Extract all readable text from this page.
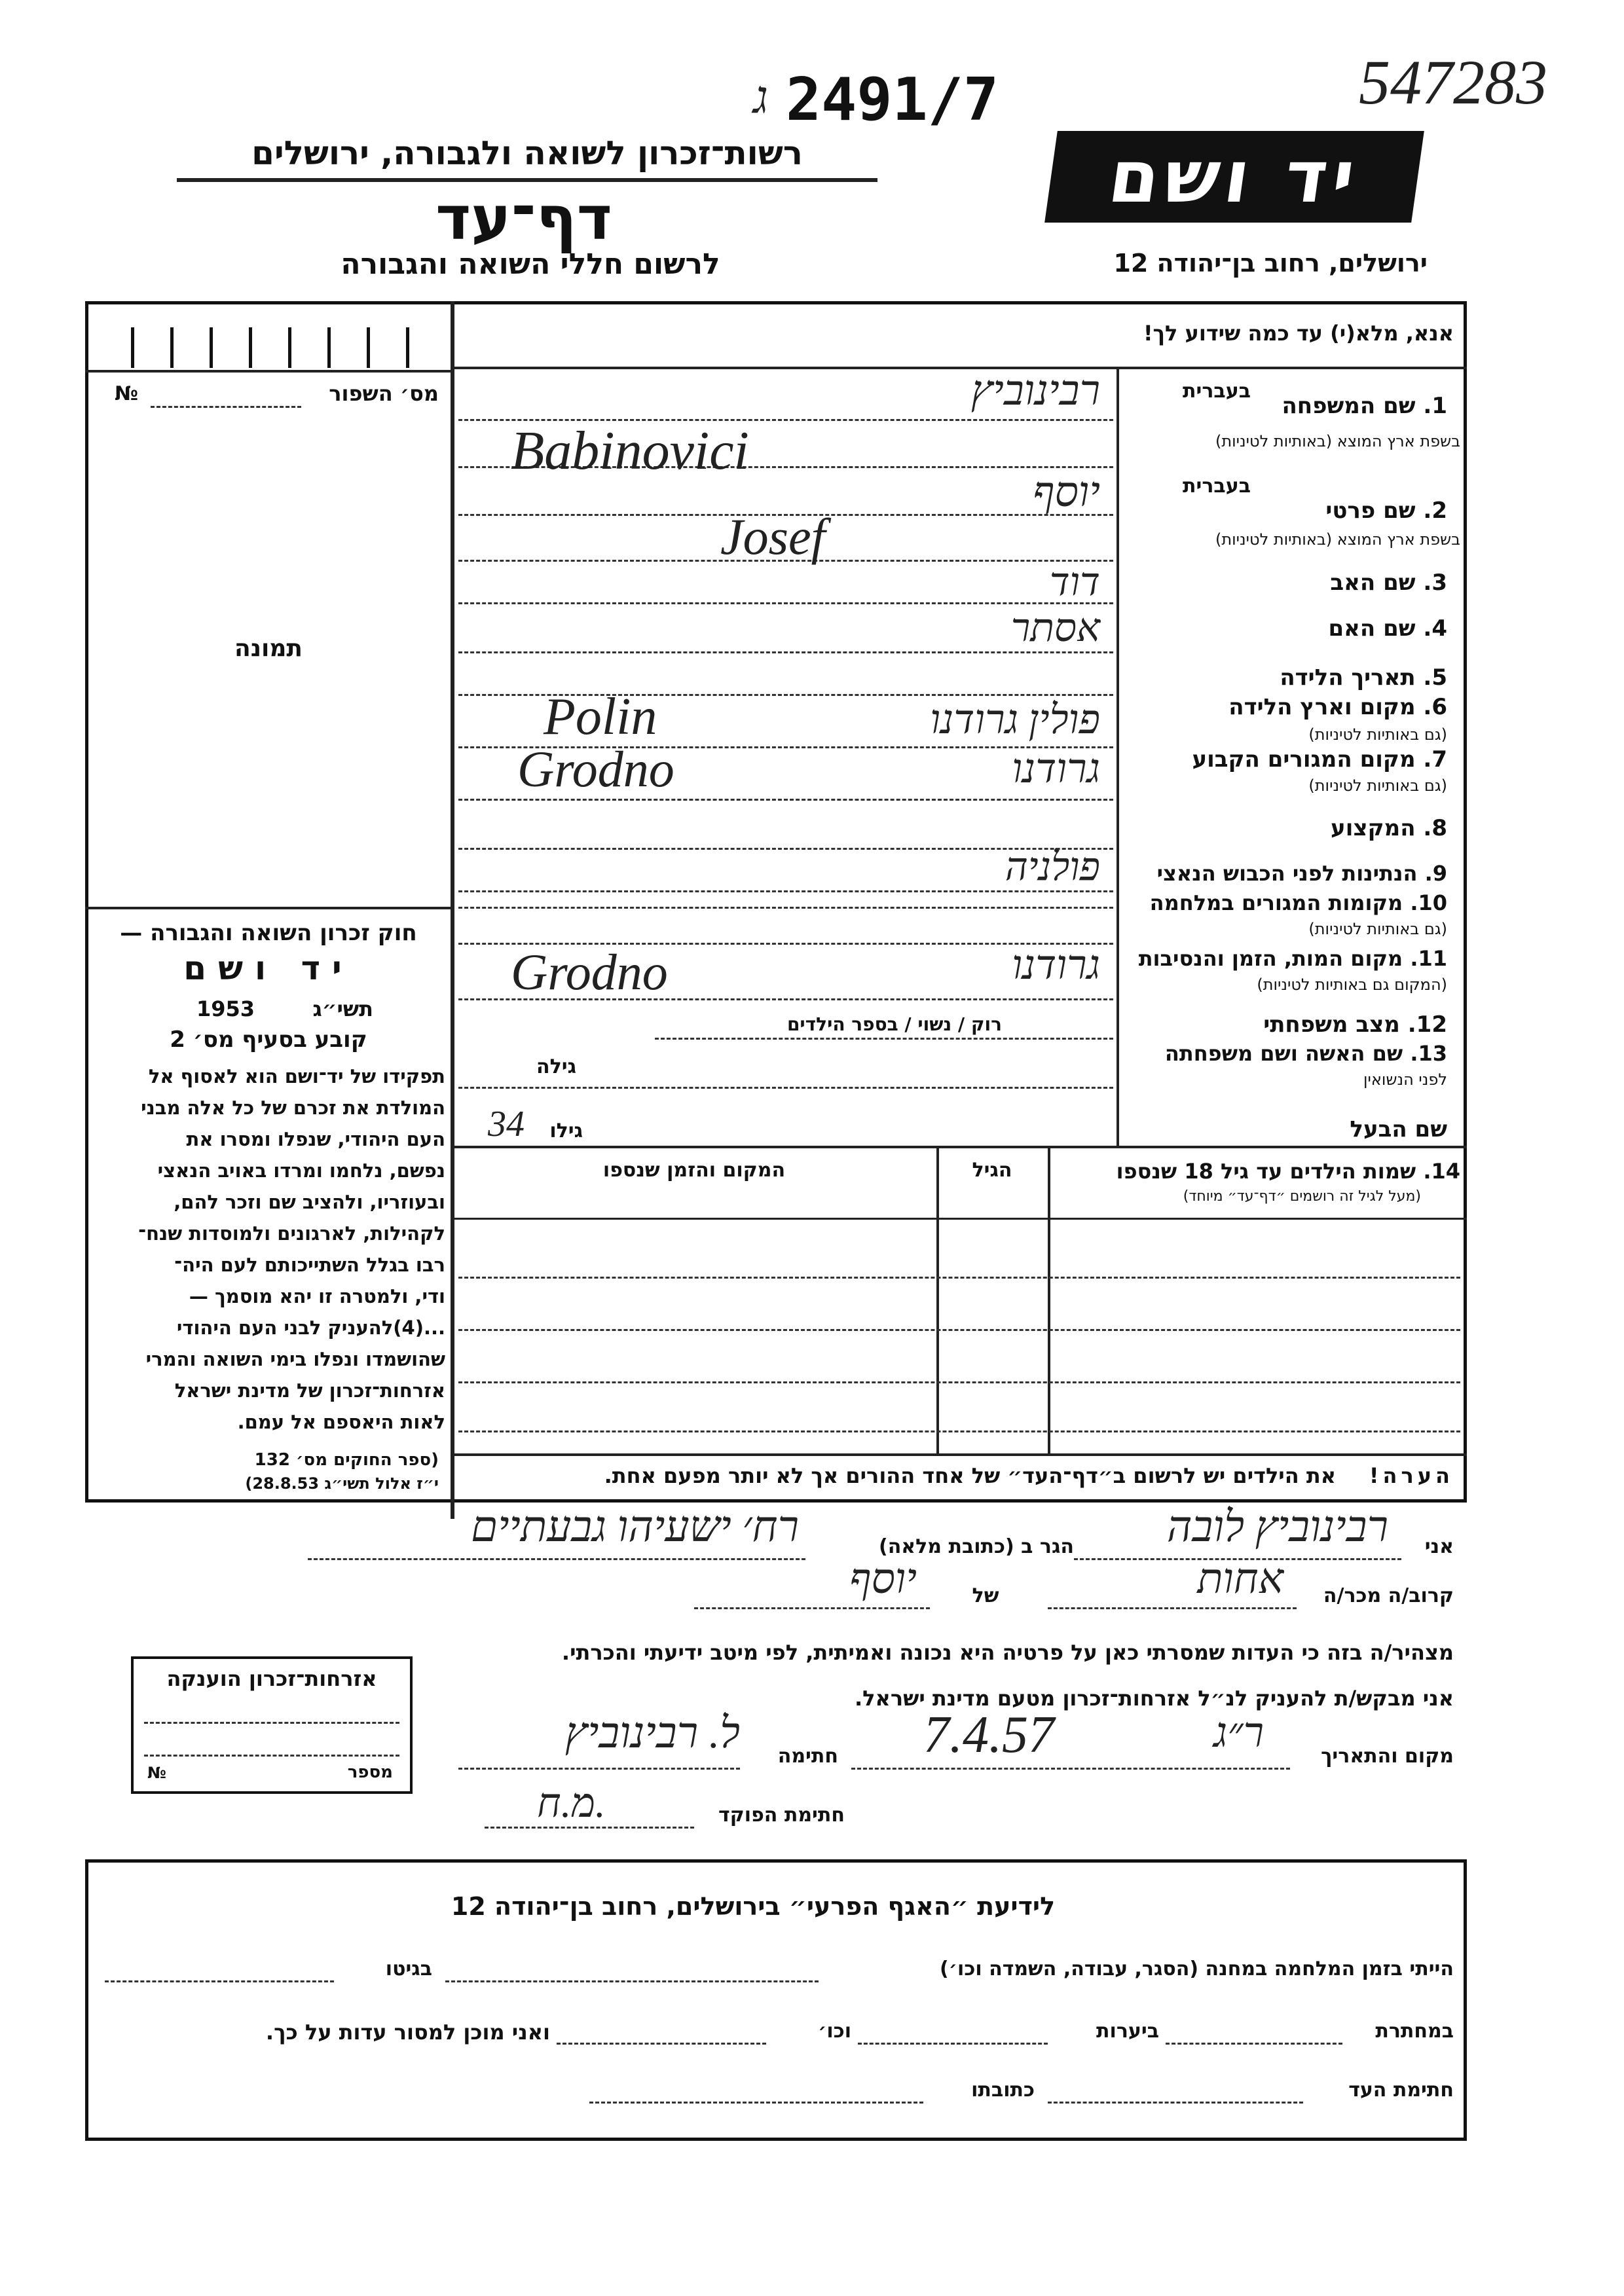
547283
ג 2491/7
רשות־זכרון לשואה ולגבורה, ירושלים
דף־עד
לרשום חללי השואה והגבורה
יד ושם
ירושלים, רחוב בן־יהודה 12
מס׳ השפור
№
תמונה
חוק זכרון השואה והגבורה —
יד ושם
תשי״ג
1953
קובע בסעיף מס׳ 2
תפקידו של יד־ושם הוא לאסוף אל
המולדת את זכרם של כל אלה מבני
העם היהודי, שנפלו ומסרו את
נפשם, נלחמו ומרדו באויב הנאצי
ובעוזריו, ולהציב שם וזכר להם,
לקהילות, לארגונים ולמוסדות שנח־
רבו בגלל השתייכותם לעם היה־
ודי, ולמטרה זו יהא מוסמך —
...(4)להעניק לבני העם היהודי
שהושמדו ונפלו בימי השואה והמרי
אזרחות־זכרון של מדינת ישראל
לאות היאספם אל עמם.
(ספר החוקים מס׳ 132
י״ז אלול תשי״ג 28.8.53)
אנא, מלא(י) עד כמה שידוע לך!
1. שם המשפחה
בעברית
בשפת ארץ המוצא (באותיות לטיניות)
רבינוביץ
Babinovici
2. שם פרטי
בעברית
בשפת ארץ המוצא (באותיות לטיניות)
יוסף
Josef
3. שם האב
דוד
4. שם האם
אסתר
5. תאריך הלידה
6. מקום וארץ הלידה
(גם באותיות לטיניות)
פולין גרודנו
Polin
7. מקום המגורים הקבוע
(גם באותיות לטיניות)
גרודנו
Grodno
8. המקצוע
9. הנתינות לפני הכבוש הנאצי
פולניה
10. מקומות המגורים במלחמה
(גם באותיות לטיניות)
11. מקום המות, הזמן והנסיבות
(המקום גם באותיות לטיניות)
גרודנו
Grodno
12. מצב משפחתי
רוק / נשוי / בספר הילדים
13. שם האשה ושם משפחתה
לפני הנשואין
גילה
שם הבעל
גילו
34
14. שמות הילדים עד גיל 18 שנספו
(מעל לגיל זה רושמים ״דף־עד״ מיוחד)
הגיל
המקום והזמן שנספו
הערה!
את הילדים יש לרשום ב״דף־העד״ של אחד ההורים אך לא יותר מפעם אחת.
אני
רבינוביץ לובה
הגר ב (כתובת מלאה)
רח׳ ישעיהו גבעתיים
קרוב/ה מכר/ה
אחות
של
יוסף
מצהיר/ה בזה כי העדות שמסרתי כאן על פרטיה היא נכונה ואמיתית, לפי מיטב ידיעתי והכרתי.
אני מבקש/ת להעניק לנ״ל אזרחות־זכרון מטעם מדינת ישראל.
מקום והתאריך
ר״ג
7.4.57
חתימה
ל. רבינוביץ
חתימת הפוקד
מ.ח.
אזרחות־זכרון הוענקה
מספר
№
לידיעת ״האגף הפרעי״ בירושלים, רחוב בן־יהודה 12
הייתי בזמן המלחמה במחנה (הסגר, עבודה, השמדה וכו׳)
בגיטו
במחתרת
ביערות
וכו׳
ואני מוכן למסור עדות על כך.
חתימת העד
כתובתו
